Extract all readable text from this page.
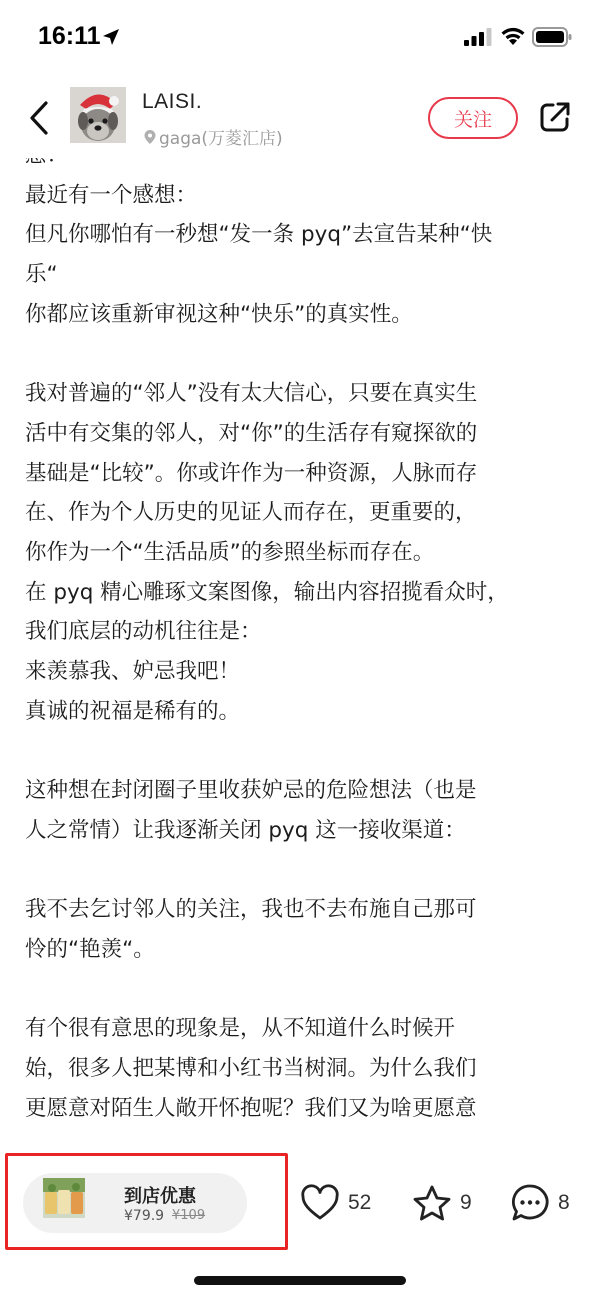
16:11
最近有一个感想：
但凡你哪怕有一秒想“发一条 pyq”去宣告某种“快
乐“
你都应该重新审视这种“快乐”的真实性。
我对普遍的“邻人”没有太大信心，只要在真实生
活中有交集的邻人，对“你”的生活存有窥探欲的
基础是“比较”。你或许作为一种资源，人脉而存
在、作为个人历史的见证人而存在，更重要的，
你作为一个“生活品质”的参照坐标而存在。
在 pyq 精心雕琢文案图像，输出内容招揽看众时，
我们底层的动机往往是：
来羡慕我、妒忌我吧！
真诚的祝福是稀有的。
这种想在封闭圈子里收获妒忌的危险想法（也是
人之常情）让我逐渐关闭 pyq 这一接收渠道：
我不去乞讨邻人的关注，我也不去布施自己那可
怜的“艳羡“。
有个很有意思的现象是，从不知道什么时候开
始，很多人把某博和小红书当树洞。为什么我们
更愿意对陌生人敞开怀抱呢？我们又为啥更愿意
LAISI.
gaga(万菱汇店)
关注
到店优惠
¥79.9 ¥109
52	9	8
